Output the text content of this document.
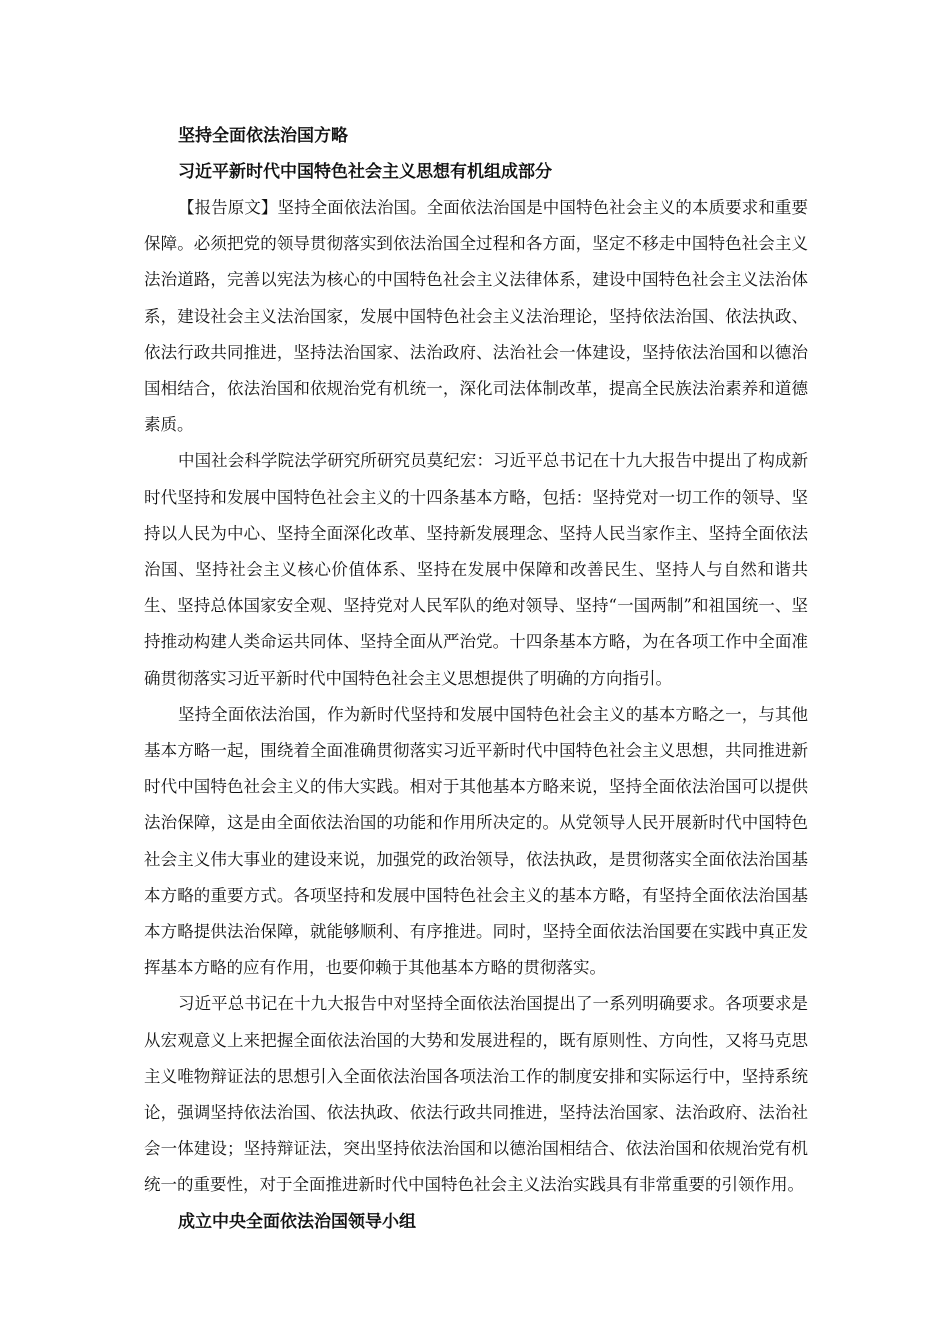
坚持全面依法治国方略

习近平新时代中国特色社会主义思想有机组成部分

【报告原文】坚持全面依法治国。全面依法治国是中国特色社会主义的本质要求和重要保障。必须把党的领导贯彻落实到依法治国全过程和各方面，坚定不移走中国特色社会主义法治道路，完善以宪法为核心的中国特色社会主义法律体系，建设中国特色社会主义法治体系，建设社会主义法治国家，发展中国特色社会主义法治理论，坚持依法治国、依法执政、依法行政共同推进，坚持法治国家、法治政府、法治社会一体建设，坚持依法治国和以德治国相结合，依法治国和依规治党有机统一，深化司法体制改革，提高全民族法治素养和道德素质。

中国社会科学院法学研究所研究员莫纪宏：习近平总书记在十九大报告中提出了构成新时代坚持和发展中国特色社会主义的十四条基本方略，包括：坚持党对一切工作的领导、坚持以人民为中心、坚持全面深化改革、坚持新发展理念、坚持人民当家作主、坚持全面依法治国、坚持社会主义核心价值体系、坚持在发展中保障和改善民生、坚持人与自然和谐共生、坚持总体国家安全观、坚持党对人民军队的绝对领导、坚持“一国两制”和祖国统一、坚持推动构建人类命运共同体、坚持全面从严治党。十四条基本方略，为在各项工作中全面准确贯彻落实习近平新时代中国特色社会主义思想提供了明确的方向指引。

坚持全面依法治国，作为新时代坚持和发展中国特色社会主义的基本方略之一，与其他基本方略一起，围绕着全面准确贯彻落实习近平新时代中国特色社会主义思想，共同推进新时代中国特色社会主义的伟大实践。相对于其他基本方略来说，坚持全面依法治国可以提供法治保障，这是由全面依法治国的功能和作用所决定的。从党领导人民开展新时代中国特色社会主义伟大事业的建设来说，加强党的政治领导，依法执政，是贯彻落实全面依法治国基本方略的重要方式。各项坚持和发展中国特色社会主义的基本方略，有坚持全面依法治国基本方略提供法治保障，就能够顺利、有序推进。同时，坚持全面依法治国要在实践中真正发挥基本方略的应有作用，也要仰赖于其他基本方略的贯彻落实。

习近平总书记在十九大报告中对坚持全面依法治国提出了一系列明确要求。各项要求是从宏观意义上来把握全面依法治国的大势和发展进程的，既有原则性、方向性，又将马克思主义唯物辩证法的思想引入全面依法治国各项法治工作的制度安排和实际运行中，坚持系统论，强调坚持依法治国、依法执政、依法行政共同推进，坚持法治国家、法治政府、法治社会一体建设；坚持辩证法，突出坚持依法治国和以德治国相结合、依法治国和依规治党有机统一的重要性，对于全面推进新时代中国特色社会主义法治实践具有非常重要的引领作用。

成立中央全面依法治国领导小组
